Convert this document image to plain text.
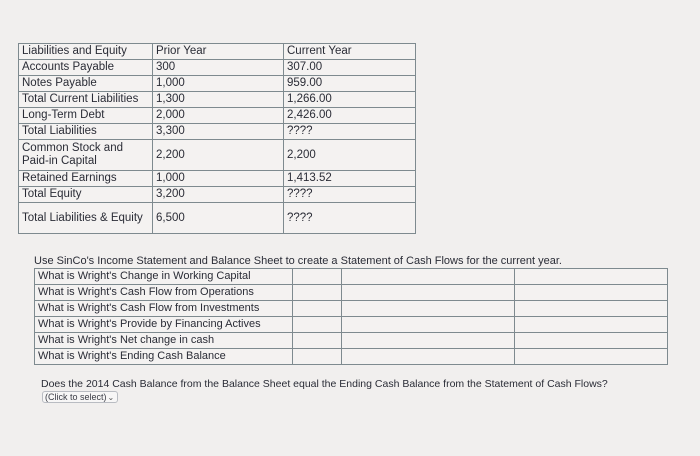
Liabilities and Equity	Prior Year	Current Year
Accounts Payable	300	307.00
Notes Payable	1,000	959.00
Total Current Liabilities	1,300	1,266.00
Long-Term Debt	2,000	2,426.00
Total Liabilities	3,300	????
Common Stock and Paid-in Capital	2,200	2,200
Retained Earnings	1,000	1,413.52
Total Equity	3,200	????
Total Liabilities & Equity	6,500	????
Use SinCo's Income Statement and Balance Sheet to create a Statement of Cash Flows for the current year.
What is Wright's Change in Working Capital			
What is Wright's Cash Flow from Operations			
What is Wright's Cash Flow from Investments			
What is Wright's Provide by Financing Actives			
What is Wright's Net change in cash			
What is Wright's Ending Cash Balance			
Does the 2014 Cash Balance from the Balance Sheet equal the Ending Cash Balance from the Statement of Cash Flows?
(Click to select)⌄
